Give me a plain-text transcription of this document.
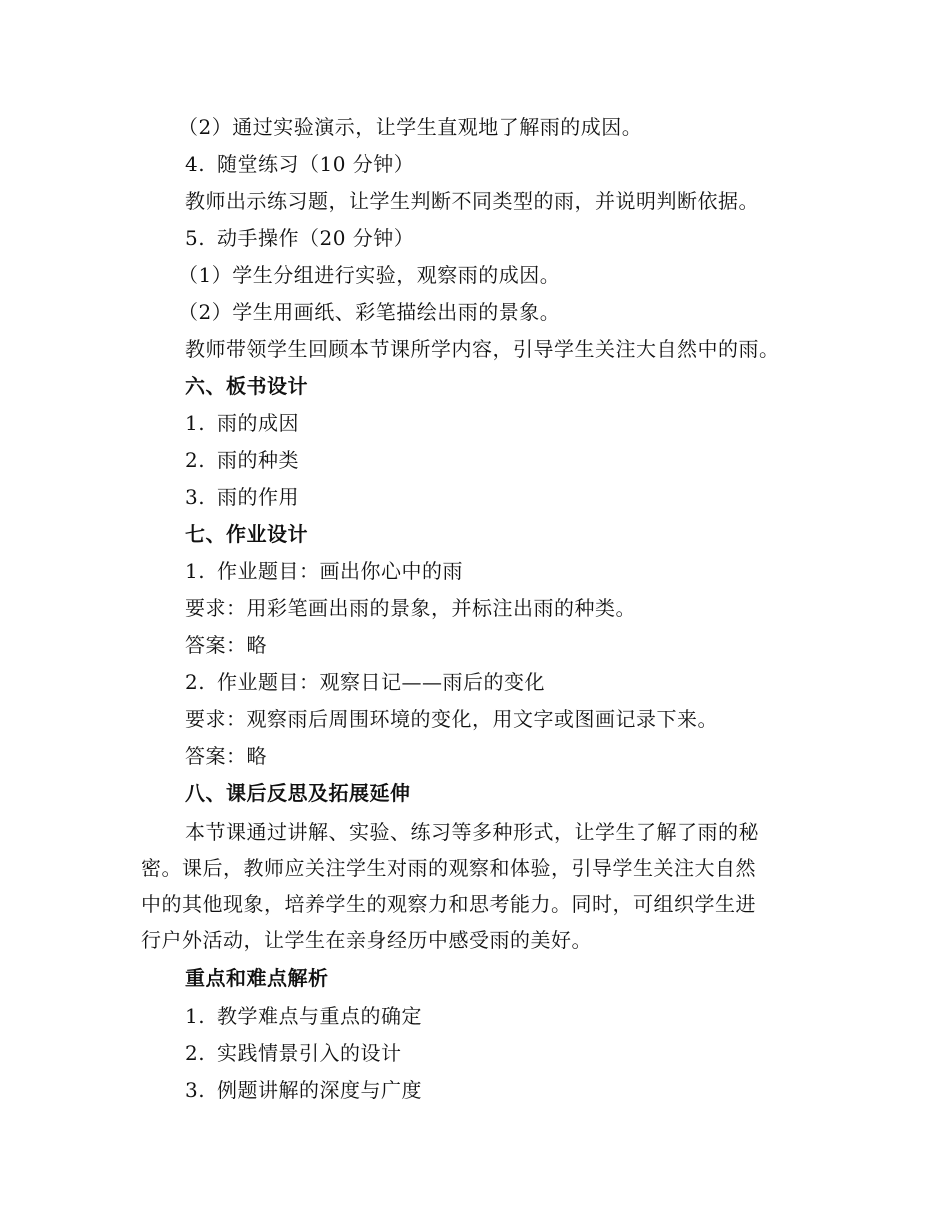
（2）通过实验演示，让学生直观地了解雨的成因。
4. 随堂练习（10 分钟）
教师出示练习题，让学生判断不同类型的雨，并说明判断依据。
5. 动手操作（20 分钟）
（1）学生分组进行实验，观察雨的成因。
（2）学生用画纸、彩笔描绘出雨的景象。
教师带领学生回顾本节课所学内容，引导学生关注大自然中的雨。
六、板书设计
1. 雨的成因
2. 雨的种类
3. 雨的作用
七、作业设计
1. 作业题目：画出你心中的雨
要求：用彩笔画出雨的景象，并标注出雨的种类。
答案：略
2. 作业题目：观察日记——雨后的变化
要求：观察雨后周围环境的变化，用文字或图画记录下来。
答案：略
八、课后反思及拓展延伸
本节课通过讲解、实验、练习等多种形式，让学生了解了雨的秘
密。课后，教师应关注学生对雨的观察和体验，引导学生关注大自然
中的其他现象，培养学生的观察力和思考能力。同时，可组织学生进
行户外活动，让学生在亲身经历中感受雨的美好。
重点和难点解析
1. 教学难点与重点的确定
2. 实践情景引入的设计
3. 例题讲解的深度与广度
